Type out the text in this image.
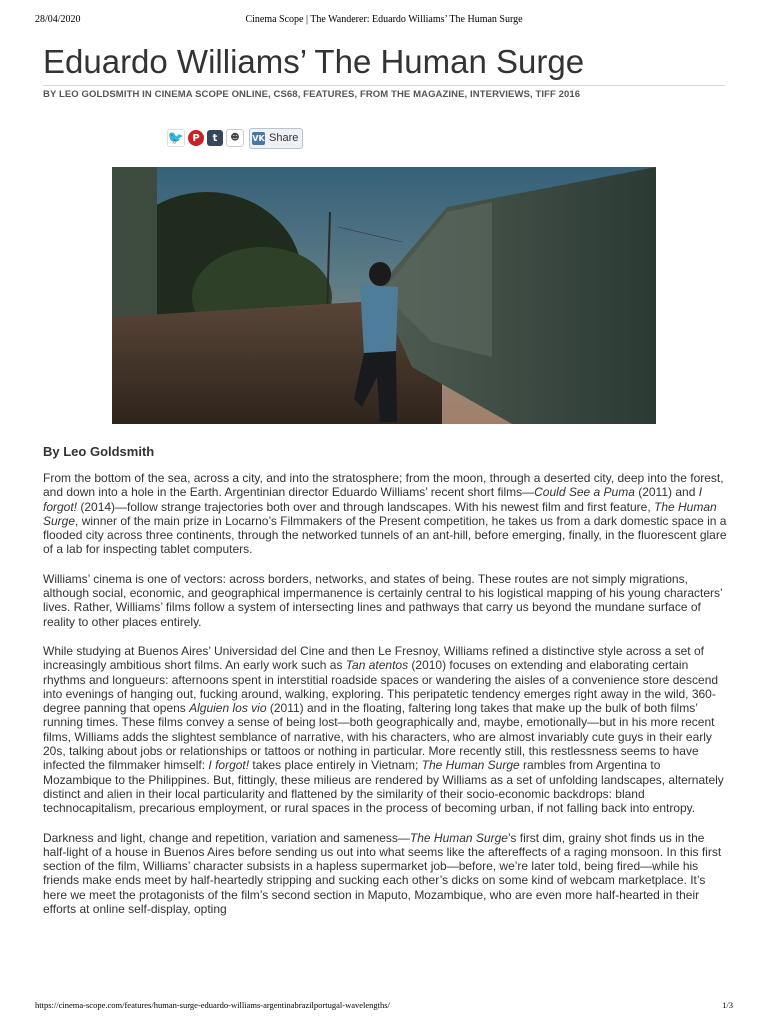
28/04/2020	Cinema Scope | The Wanderer: Eduardo Williams’ The Human Surge
Eduardo Williams’ The Human Surge
BY LEO GOLDSMITH IN CINEMA SCOPE ONLINE, CS68, FEATURES, FROM THE MAGAZINE, INTERVIEWS, TIFF 2016
🐦 P	t	☻	VK Share
By Leo Goldsmith

From the bottom of the sea, across a city, and into the stratosphere; from the moon, through a deserted city, deep into the forest, and down into a hole in the Earth. Argentinian director Eduardo Williams’ recent short films—Could See a Puma (2011) and I forgot! (2014)—follow strange trajectories both over and through landscapes. With his newest film and first feature, The Human Surge, winner of the main prize in Locarno’s Filmmakers of the Present competition, he takes us from a dark domestic space in a flooded city across three continents, through the networked tunnels of an ant-hill, before emerging, finally, in the fluorescent glare of a lab for inspecting tablet computers.

Williams’ cinema is one of vectors: across borders, networks, and states of being. These routes are not simply migrations, although social, economic, and geographical impermanence is certainly central to his logistical mapping of his young characters’ lives. Rather, Williams’ films follow a system of intersecting lines and pathways that carry us beyond the mundane surface of reality to other places entirely.

While studying at Buenos Aires’ Universidad del Cine and then Le Fresnoy, Williams refined a distinctive style across a set of increasingly ambitious short films. An early work such as Tan atentos (2010) focuses on extending and elaborating certain rhythms and longueurs: afternoons spent in interstitial roadside spaces or wandering the aisles of a convenience store descend into evenings of hanging out, fucking around, walking, exploring. This peripatetic tendency emerges right away in the wild, 360-degree panning that opens Alguien los vio (2011) and in the floating, faltering long takes that make up the bulk of both films’ running times. These films convey a sense of being lost—both geographically and, maybe, emotionally—but in his more recent films, Williams adds the slightest semblance of narrative, with his characters, who are almost invariably cute guys in their early 20s, talking about jobs or relationships or tattoos or nothing in particular. More recently still, this restlessness seems to have infected the filmmaker himself: I forgot! takes place entirely in Vietnam; The Human Surge rambles from Argentina to Mozambique to the Philippines. But, fittingly, these milieus are rendered by Williams as a set of unfolding landscapes, alternately distinct and alien in their local particularity and flattened by the similarity of their socio-economic backdrops: bland technocapitalism, precarious employment, or rural spaces in the process of becoming urban, if not falling back into entropy.

Darkness and light, change and repetition, variation and sameness—The Human Surge’s first dim, grainy shot finds us in the half-light of a house in Buenos Aires before sending us out into what seems like the aftereffects of a raging monsoon. In this first section of the film, Williams’ character subsists in a hapless supermarket job—before, we’re later told, being fired—while his friends make ends meet by half-heartedly stripping and sucking each other’s dicks on some kind of webcam marketplace. It’s here we meet the protagonists of the film’s second section in Maputo, Mozambique, who are even more half-hearted in their efforts at online self-display, opting

https://cinema-scope.com/features/human-surge-eduardo-williams-argentinabrazilportugal-wavelengths/	1/3
